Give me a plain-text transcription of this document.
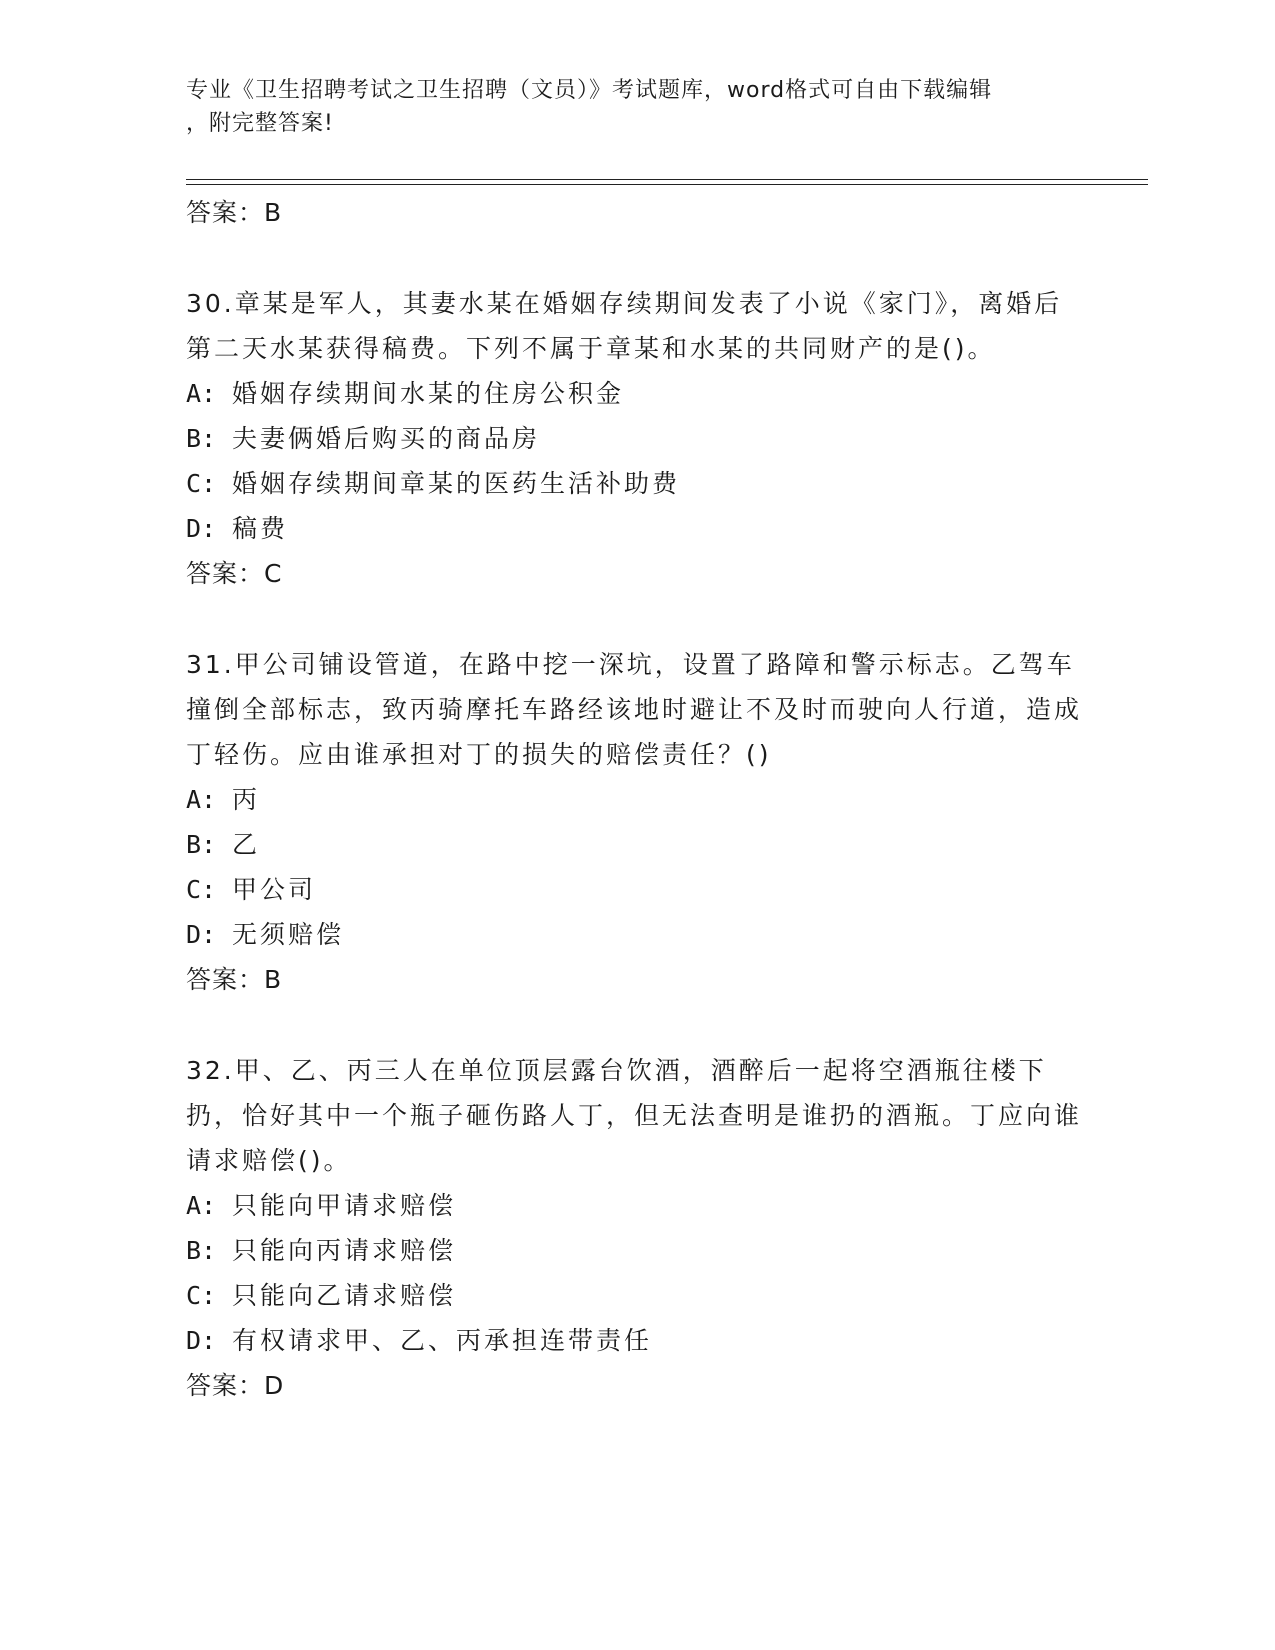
专业《卫生招聘考试之卫生招聘（文员）》考试题库，word格式可自由下载编辑
，附完整答案!
答案：B
30.章某是军人，其妻水某在婚姻存续期间发表了小说《家门》，离婚后第二天水某获得稿费。下列不属于章某和水某的共同财产的是()。
A: 婚姻存续期间水某的住房公积金
B: 夫妻俩婚后购买的商品房
C: 婚姻存续期间章某的医药生活补助费
D: 稿费
答案：C
31.甲公司铺设管道，在路中挖一深坑，设置了路障和警示标志。乙驾车撞倒全部标志，致丙骑摩托车路经该地时避让不及时而驶向人行道，造成丁轻伤。应由谁承担对丁的损失的赔偿责任？()
A: 丙
B: 乙
C: 甲公司
D: 无须赔偿
答案：B
32.甲、乙、丙三人在单位顶层露台饮酒，酒醉后一起将空酒瓶往楼下扔，恰好其中一个瓶子砸伤路人丁，但无法查明是谁扔的酒瓶。丁应向谁请求赔偿()。
A: 只能向甲请求赔偿
B: 只能向丙请求赔偿
C: 只能向乙请求赔偿
D: 有权请求甲、乙、丙承担连带责任
答案：D
